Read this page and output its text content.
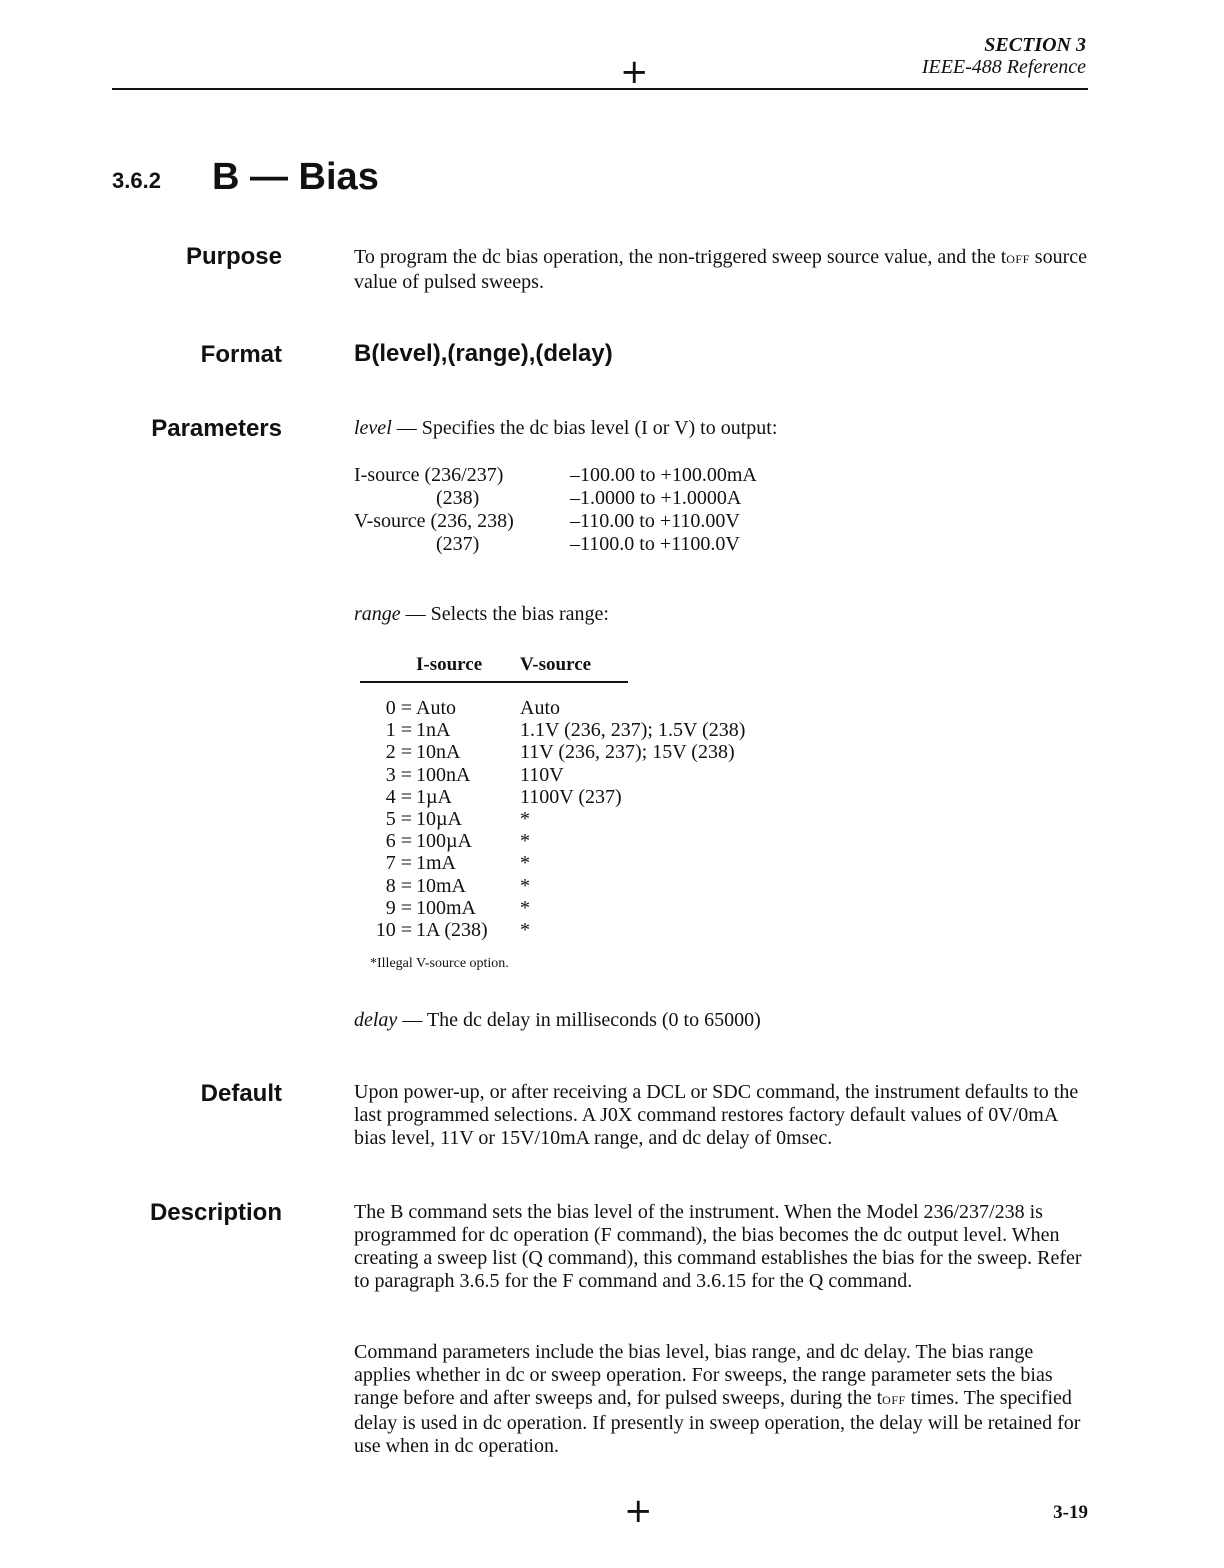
SECTION 3
IEEE-488 Reference
+
3.6.2 B — Bias
Purpose	To program the dc bias operation, the non-triggered sweep source value, and the tOFF source value of pulsed sweeps.
Format	B(level),(range),(delay)
Parameters	level — Specifies the dc bias level (I or V) to output:
I-source (236/237)	–100.00 to +100.00mA
(238)	–1.0000 to +1.0000A
V-source (236, 238)	–110.00 to +110.00V
(237)	–1100.0 to +1100.0V
range — Selects the bias range:
I-source V-source
0 = Auto	Auto
1 = 1nA	1.1V (236, 237); 1.5V (238)
2 = 10nA	11V (236, 237); 15V (238)
3 = 100nA 110V
4 = 1µA	1100V (237)
5 = 10µA	*
6 = 100µA *
7 = 1mA	*
8 = 10mA	*
9 = 100mA *
10 = 1A (238) *
*Illegal V-source option.
delay — The dc delay in milliseconds (0 to 65000)
Default	Upon power-up, or after receiving a DCL or SDC command, the instrument defaults to the last programmed selections. A J0X command restores factory default values of 0V/0mA bias level, 11V or 15V/10mA range, and dc delay of 0msec.
Description	The B command sets the bias level of the instrument. When the Model 236/237/238 is programmed for dc operation (F command), the bias becomes the dc output level. When creating a sweep list (Q command), this command establishes the bias for the sweep. Refer to paragraph 3.6.5 for the F command and 3.6.15 for the Q command.
Command parameters include the bias level, bias range, and dc delay. The bias range applies whether in dc or sweep operation. For sweeps, the range parameter sets the bias range before and after sweeps and, for pulsed sweeps, during the tOFF times. The specified delay is used in dc operation. If presently in sweep operation, the delay will be retained for use when in dc operation.
+	3-19
